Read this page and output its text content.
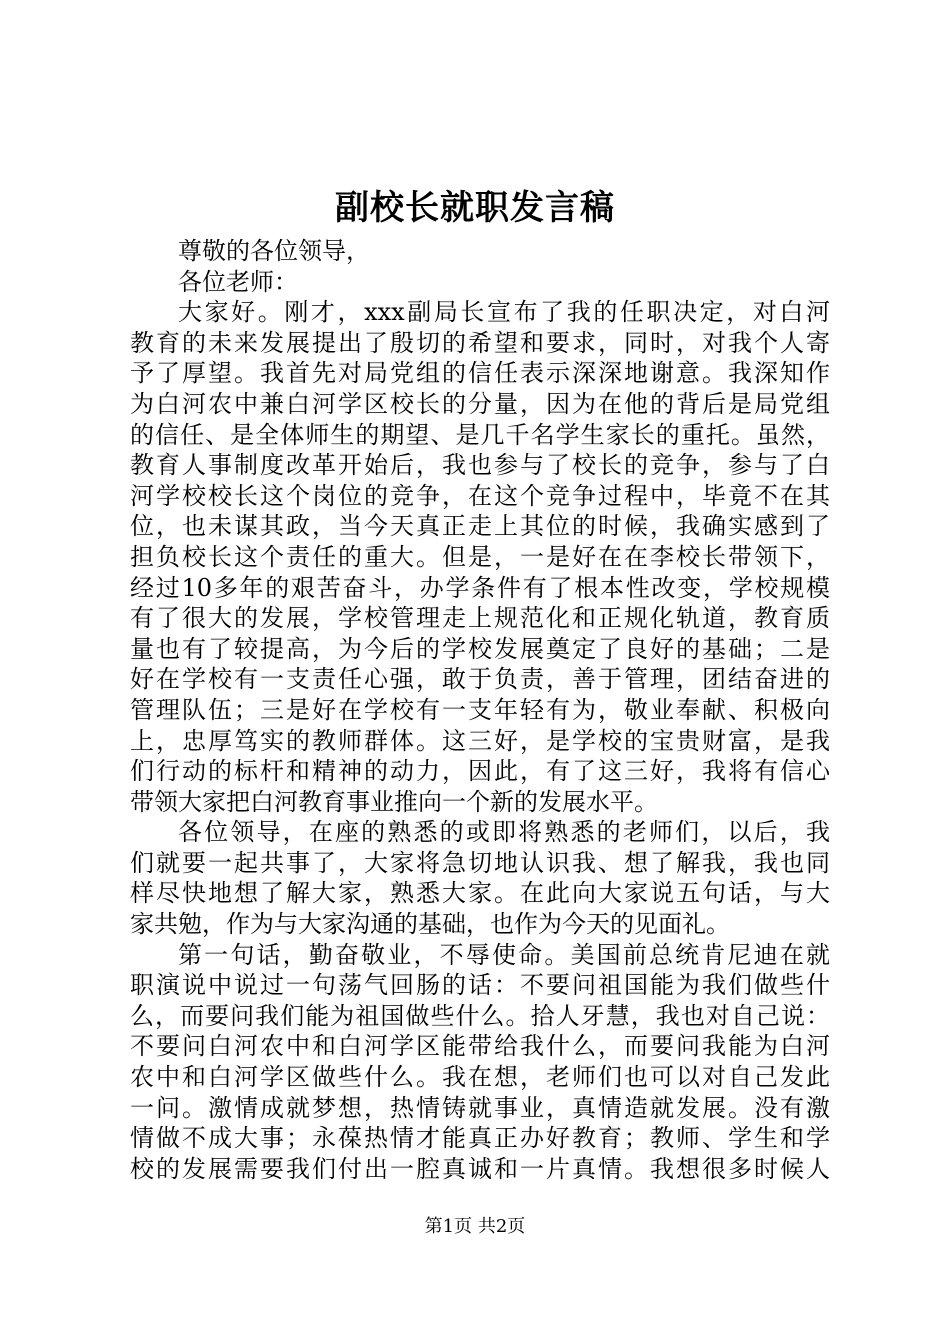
副校长就职发言稿
尊敬的各位领导，
各位老师：
大家好。刚才，xxx副局长宣布了我的任职决定，对白河
教育的未来发展提出了殷切的希望和要求，同时，对我个人寄
予了厚望。我首先对局党组的信任表示深深地谢意。我深知作
为白河农中兼白河学区校长的分量，因为在他的背后是局党组
的信任、是全体师生的期望、是几千名学生家长的重托。虽然，
教育人事制度改革开始后，我也参与了校长的竞争，参与了白
河学校校长这个岗位的竞争，在这个竞争过程中，毕竟不在其
位，也未谋其政，当今天真正走上其位的时候，我确实感到了
担负校长这个责任的重大。但是，一是好在在李校长带领下，
经过10多年的艰苦奋斗，办学条件有了根本性改变，学校规模
有了很大的发展，学校管理走上规范化和正规化轨道，教育质
量也有了较提高，为今后的学校发展奠定了良好的基础；二是
好在学校有一支责任心强，敢于负责，善于管理，团结奋进的
管理队伍；三是好在学校有一支年轻有为，敬业奉献、积极向
上，忠厚笃实的教师群体。这三好，是学校的宝贵财富，是我
们行动的标杆和精神的动力，因此，有了这三好，我将有信心
带领大家把白河教育事业推向一个新的发展水平。
各位领导，在座的熟悉的或即将熟悉的老师们，以后，我
们就要一起共事了，大家将急切地认识我、想了解我，我也同
样尽快地想了解大家，熟悉大家。在此向大家说五句话，与大
家共勉，作为与大家沟通的基础，也作为今天的见面礼。
第一句话，勤奋敬业，不辱使命。美国前总统肯尼迪在就
职演说中说过一句荡气回肠的话：不要问祖国能为我们做些什
么，而要问我们能为祖国做些什么。拾人牙慧，我也对自己说：
不要问白河农中和白河学区能带给我什么，而要问我能为白河
农中和白河学区做些什么。我在想，老师们也可以对自己发此
一问。激情成就梦想，热情铸就事业，真情造就发展。没有激
情做不成大事；永葆热情才能真正办好教育；教师、学生和学
校的发展需要我们付出一腔真诚和一片真情。我想很多时候人
第1页 共2页
